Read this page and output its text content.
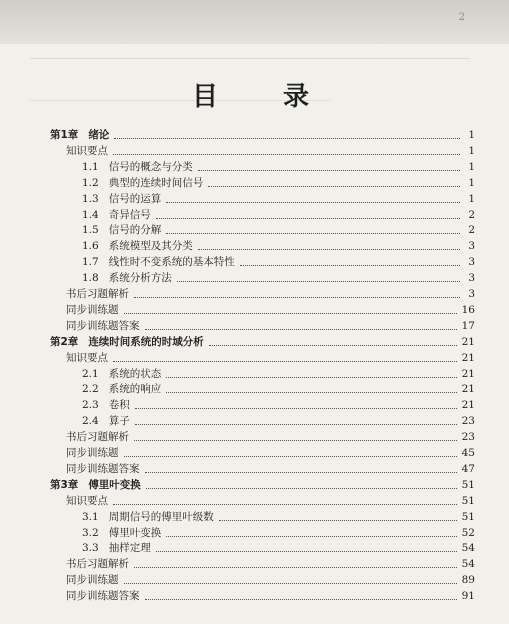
2
目 录
第1章 绪论	1
知识要点	1
1.1 信号的概念与分类	1
1.2 典型的连续时间信号	1
1.3 信号的运算	1
1.4 奇异信号	2
1.5 信号的分解	2
1.6 系统模型及其分类	3
1.7 线性时不变系统的基本特性	3
1.8 系统分析方法	3
书后习题解析	3
同步训练题	16
同步训练题答案	17
第2章 连续时间系统的时域分析	21
知识要点	21
2.1 系统的状态	21
2.2 系统的响应	21
2.3 卷积	21
2.4 算子	23
书后习题解析	23
同步训练题	45
同步训练题答案	47
第3章 傅里叶变换	51
知识要点	51
3.1 周期信号的傅里叶级数	51
3.2 傅里叶变换	52
3.3 抽样定理	54
书后习题解析	54
同步训练题	89
同步训练题答案	91
